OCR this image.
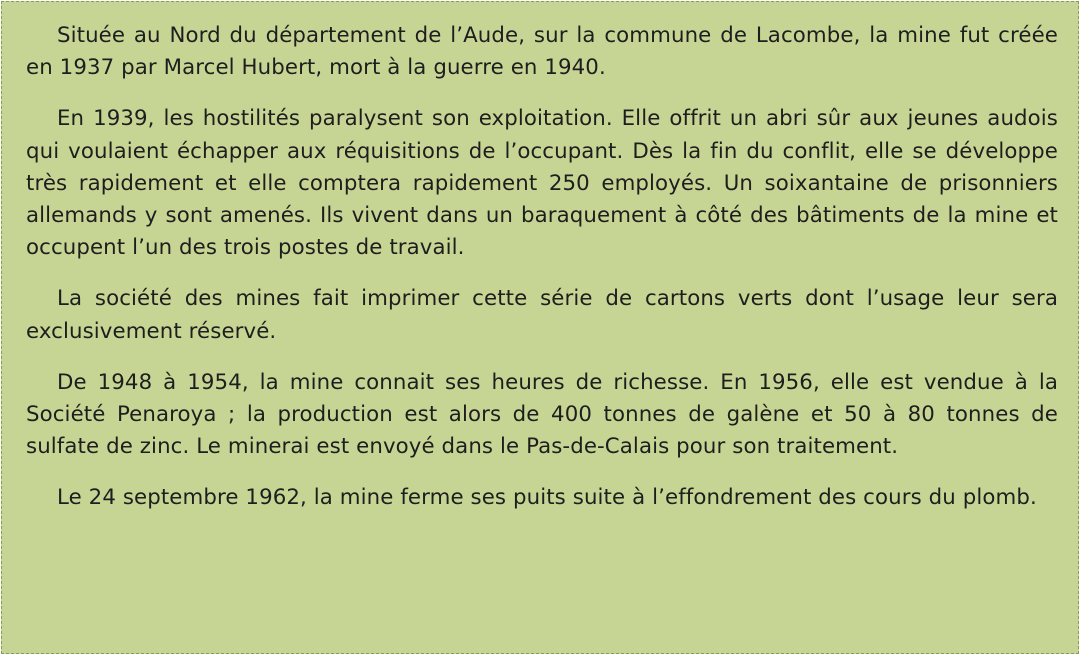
Située au Nord du département de l’Aude, sur la commune de Lacombe, la mine fut créée en 1937 par Marcel Hubert, mort à la guerre en 1940.

En 1939, les hostilités paralysent son exploitation. Elle offrit un abri sûr aux jeunes audois qui voulaient échapper aux réquisitions de l’occupant. Dès la fin du conflit, elle se développe très rapidement et elle comptera rapidement 250 employés. Un soixantaine de prisonniers allemands y sont amenés. Ils vivent dans un baraquement à côté des bâtiments de la mine et occupent l’un des trois postes de travail.

La société des mines fait imprimer cette série de cartons verts dont l’usage leur sera exclusivement réservé.

De 1948 à 1954, la mine connait ses heures de richesse. En 1956, elle est vendue à la Société Penaroya ; la production est alors de 400 tonnes de galène et 50 à 80 tonnes de sulfate de zinc. Le minerai est envoyé dans le Pas-de-Calais pour son traitement.

Le 24 septembre 1962, la mine ferme ses puits suite à l’effondrement des cours du plomb.
